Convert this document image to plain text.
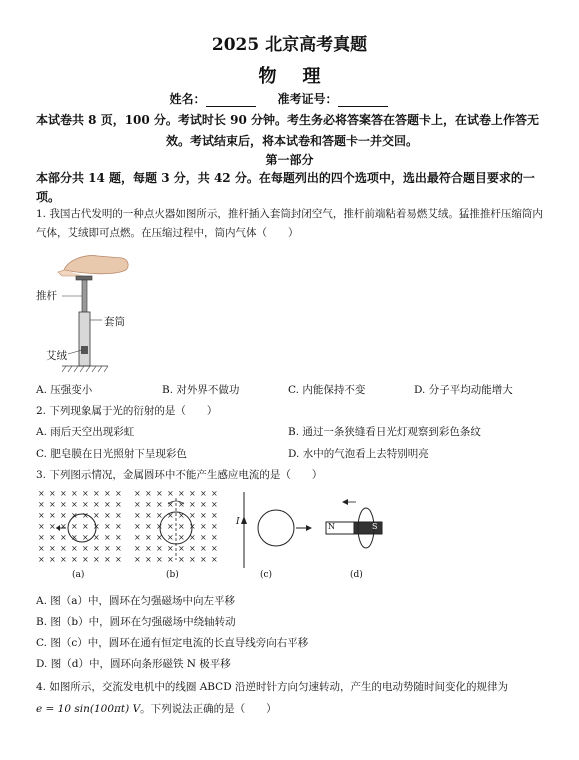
2025 北京高考真题
物理
姓名：	准考证号：
本试卷共 8 页，100 分。考试时长 90 分钟。考生务必将答案答在答题卡上，在试卷上作答无
效。考试结束后，将本试卷和答题卡一并交回。
第一部分
本部分共 14 题，每题 3 分，共 42 分。在每题列出的四个选项中，选出最符合题目要求的一项。
1. 我国古代发明的一种点火器如图所示，推杆插入套筒封闭空气，推杆前端粘着易燃艾绒。猛推推杆压缩筒内气体，艾绒即可点燃。在压缩过程中，筒内气体（　　）
推杆
套筒
艾绒
A. 压强变小	B. 对外界不做功	C. 内能保持不变	D. 分子平均动能增大
2. 下列现象属于光的衍射的是（　　）
A. 雨后天空出现彩虹	B. 通过一条狭缝看日光灯观察到彩色条纹
C. 肥皂膜在日光照射下呈现彩色	D. 水中的气泡看上去特别明亮
3. 下列图示情况，金属圆环中不能产生感应电流的是（　　）
× × × × × × × ×
× × × × × × × ×
× × × × × × × ×
× × × × × × × ×
× × × × × × × ×
× × × × × × × ×
× × × × × × × ×
× × × × × × × ×
× × × × × × × ×
× × × × × × × ×
× × × × × × × ×
× × × × × × × ×
× × × × × × × ×
× × × × × × × ×
(a)	(b)	(c)	(d)
I	N	S
A. 图（a）中，圆环在匀强磁场中向左平移
B. 图（b）中，圆环在匀强磁场中绕轴转动
C. 图（c）中，圆环在通有恒定电流的长直导线旁向右平移
D. 图（d）中，圆环向条形磁铁 N 极平移
4. 如图所示，交流发电机中的线圈 ABCD 沿逆时针方向匀速转动，产生的电动势随时间变化的规律为
e = 10 sin(100πt) V。下列说法正确的是（　　）
